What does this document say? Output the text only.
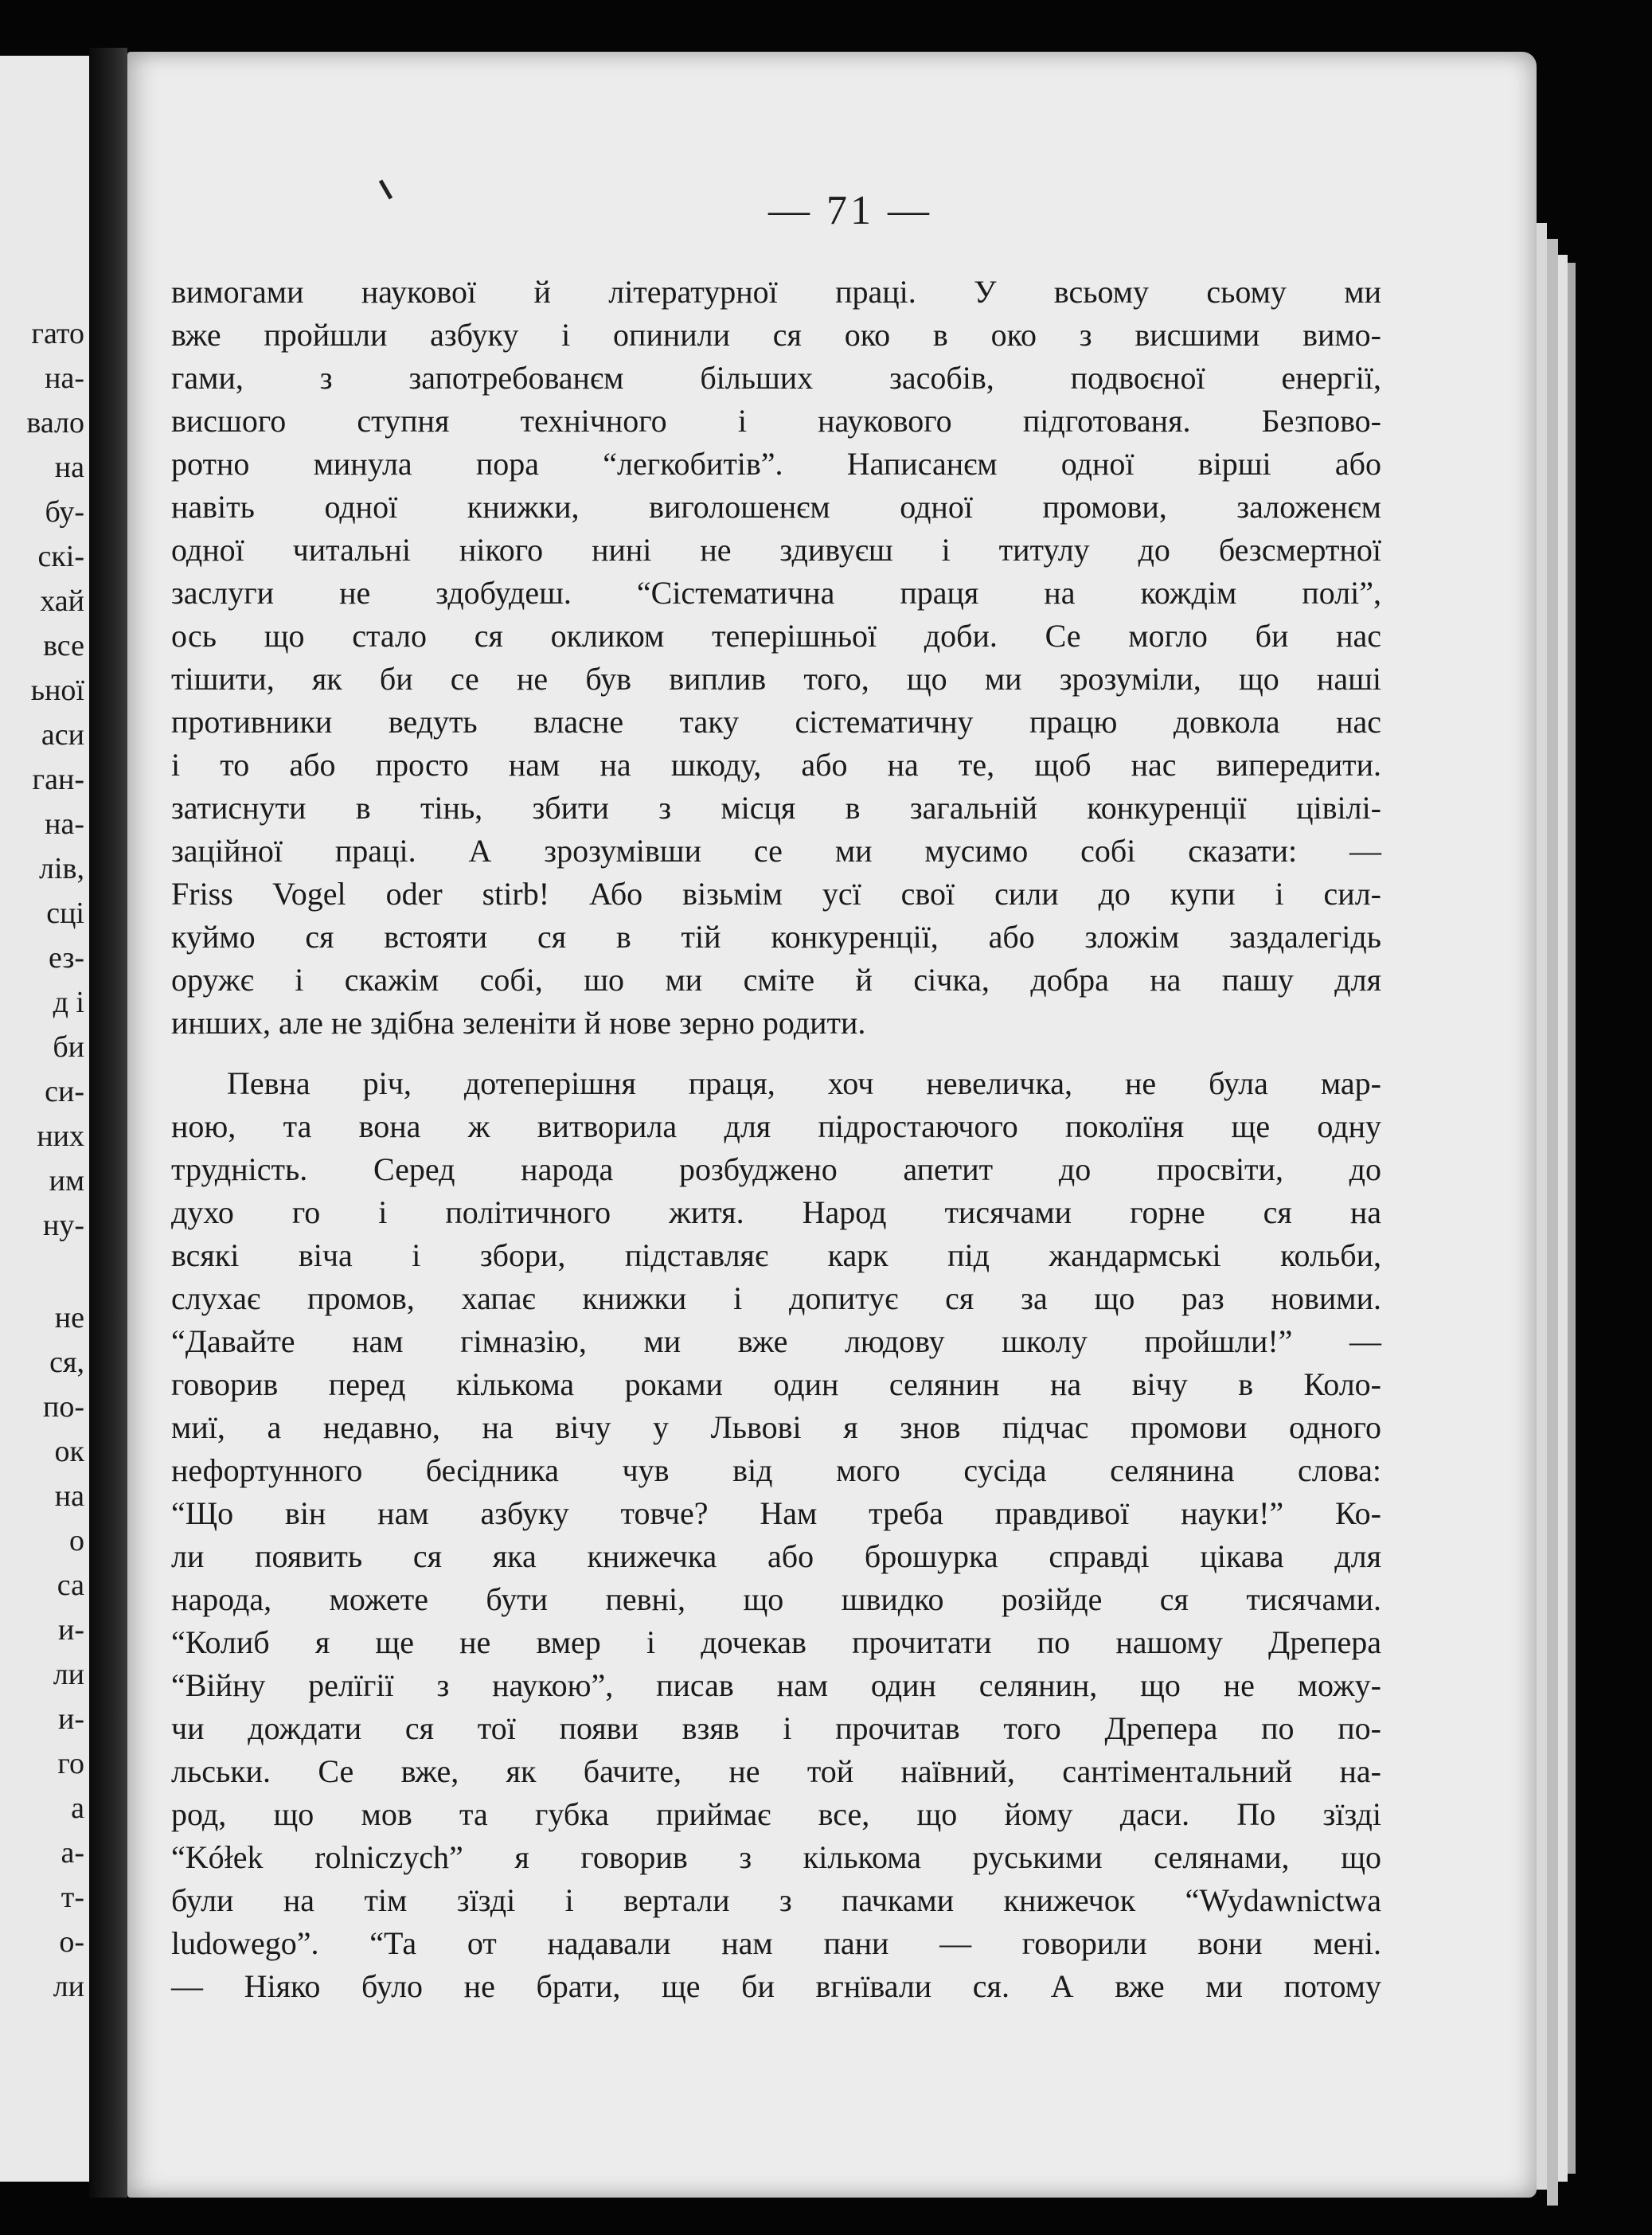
гато
на-
вало
на
бу-
скі-
хай
все
ьної
аси
ган-
на-
лів,
сці
ез-
д і
би
си-
них
им
ну-
не
ся,
по-
ок
на
о
са
и-
ли
и-
го
а
а-
т-
о-
ли
— 71 —
вимогами наукової й літературної праці. У всьому сьому ми
вже пройшли азбуку і опинили ся око в око з висшими вимо-
гами, з запотребованєм більших засобів, подвоєної енергії,
висшого ступня технічного і наукового підготованя. Безпово-
ротно минула пора “легкобитів”. Написанєм одної вірші або
навіть одної книжки, виголошенєм одної промови, заложенєм
одної читальні нікого нині не здивуєш і титулу до безсмертної
заслуги не здобудеш. “Сістематична праця на кождім полі”,
ось що стало ся окликом теперішньої доби. Се могло би нас
тішити, як би се не був виплив того, що ми зрозуміли, що наші
противники ведуть власне таку сістематичну працю довкола нас
і то або просто нам на шкоду, або на те, щоб нас випередити.
затиснути в тінь, збити з місця в загальній конкуренції цівілі-
заційної праці. А зрозумівши се ми мусимо собі сказати: —
Friss Vogel oder stirb! Або візьмім усї свої сили до купи і сил-
куймо ся встояти ся в тій конкуренції, або зложім заздалегідь
оружє і скажім собі, шо ми сміте й січка, добра на пашу для
инших, але не здібна зеленіти й нове зерно родити.
Певна річ, дотеперішня праця, хоч невеличка, не була мар-
ною, та вона ж витворила для підростаючого поколїня ще одну
трудність. Серед народа розбуджено апетит до просвіти, до
духо го і політичного житя. Народ тисячами горне ся на
всякі віча і збори, підставляє карк під жандармські кольби,
слухає промов, хапає книжки і допитує ся за що раз новими.
“Давайте нам гімназію, ми вже людову школу пройшли!” —
говорив перед кількома роками один селянин на вічу в Коло-
миї, а недавно, на вічу у Львові я знов підчас промови одного
нефортунного бесідника чув від мого сусіда селянина слова:
“Що він нам азбуку товче? Нам треба правдивої науки!” Ко-
ли появить ся яка книжечка або брошурка справді цікава для
народа, можете бути певні, що швидко розійде ся тисячами.
“Колиб я ще не вмер і дочекав прочитати по нашому Дрепера
“Війну релїгії з наукою”, писав нам один селянин, що не можу-
чи дождати ся тої появи взяв і прочитав того Дрепера по по-
льськи. Се вже, як бачите, не той наївний, сантіментальний на-
род, що мов та губка приймає все, що йому даси. По зїзді
“Kółek rolniczych” я говорив з кількома руськими селянами, що
були на тім зїзді і вертали з пачками книжечок “Wydawnictwa
ludowego”. “Та от надавали нам пани — говорили вони мені.
— Ніяко було не брати, ще би вгнївали ся. А вже ми потому
